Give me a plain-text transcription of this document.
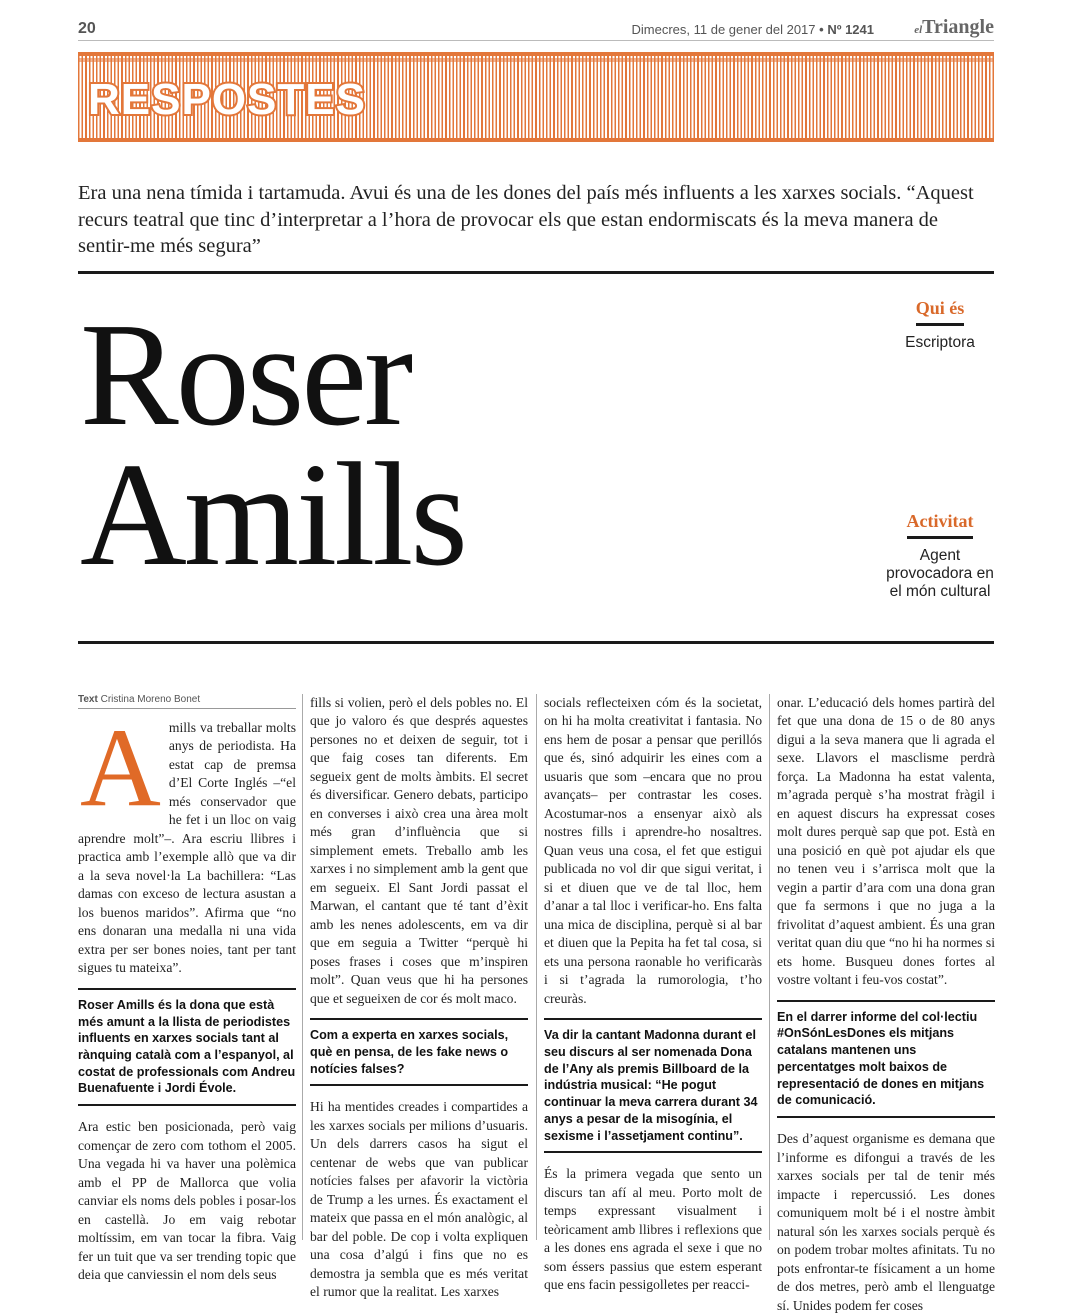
20	Dimecres, 11 de gener del 2017 • Nº 1241	elTriangle
RESPOSTES
Era una nena tímida i tartamuda. Avui és una de les dones del país més influents a les xarxes socials. “Aquest recurs teatral que tinc d’interpretar a l’hora de provocar els que estan endormiscats és la meva manera de sentir-me més segura”
Roser
Amills
Qui és
Escriptora
Activitat
Agent provocadora en el món cultural
Text Cristina Moreno Bonet

Amills va treballar molts anys de periodista. Ha estat cap de premsa d’El Corte Inglés –“el més conservador que he fet i un lloc on vaig aprendre molt”–. Ara escriu llibres i practica amb l’exemple allò que va dir a la seva novel·la La bachillera: “Las damas con exceso de lectura asustan a los buenos maridos”. Afirma que “no ens donaran una medalla ni una vida extra per ser bones noies, tant per tant sigues tu mateixa”.

Roser Amills és la dona que està més amunt a la llista de periodistes influents en xarxes socials tant al rànquing català com a l’espanyol, al costat de professionals com Andreu Buenafuente i Jordi Évole.

Ara estic ben posicionada, però vaig començar de zero com tothom el 2005. Una vegada hi va haver una polèmica amb el PP de Mallorca que volia canviar els noms dels pobles i posar-los en castellà. Jo em vaig rebotar moltíssim, em van tocar la fibra. Vaig fer un tuit que va ser trending topic que deia que canviessin el nom dels seus

fills si volien, però el dels pobles no. El que jo valoro és que després aquestes persones no et deixen de seguir, tot i que faig coses tan diferents. Em segueix gent de molts àmbits. El secret és diversificar. Genero debats, participo en converses i això crea una àrea molt més gran d’influència que si simplement emets. Treballo amb les xarxes i no simplement amb la gent que em segueix. El Sant Jordi passat el Marwan, el cantant que té tant d’èxit amb les nenes adolescents, em va dir que em seguia a Twitter “perquè hi poses frases i coses que m’inspiren molt”. Quan veus que hi ha persones que et segueixen de cor és molt maco.

Com a experta en xarxes socials, què en pensa, de les fake news o notícies falses?

Hi ha mentides creades i compartides a les xarxes socials per milions d’usuaris. Un dels darrers casos ha sigut el centenar de webs que van publicar notícies falses per afavorir la victòria de Trump a les urnes. És exactament el mateix que passa en el món analògic, al bar del poble. De cop i volta expliquen una cosa d’algú i fins que no es demostra ja sembla que es més veritat el rumor que la realitat. Les xarxes

socials reflecteixen cóm és la societat, on hi ha molta creativitat i fantasia. No ens hem de posar a pensar que perillós que és, sinó adquirir les eines com a usuaris que som –encara que no prou avançats– per contrastar les coses. Acostumar-nos a ensenyar això als nostres fills i aprendre-ho nosaltres. Quan veus una cosa, el fet que estigui publicada no vol dir que sigui veritat, i si et diuen que ve de tal lloc, hem d’anar a tal lloc i verificar-ho. Ens falta una mica de disciplina, perquè si al bar et diuen que la Pepita ha fet tal cosa, si ets una persona raonable ho verificaràs i si t’agrada la rumorologia, t’ho creuràs.

Va dir la cantant Madonna durant el seu discurs al ser nomenada Dona de l’Any als premis Billboard de la indústria musical: “He pogut continuar la meva carrera durant 34 anys a pesar de la misogínia, el sexisme i l’assetjament continu”.

És la primera vegada que sento un discurs tan afí al meu. Porto molt de temps expressant visualment i teòricament amb llibres i reflexions que a les dones ens agrada el sexe i que no som éssers passius que estem esperant que ens facin pessigolletes per reacci-

onar. L’educació dels homes partirà del fet que una dona de 15 o de 80 anys digui a la seva manera que li agrada el sexe. Llavors el masclisme perdrà força. La Madonna ha estat valenta, m’agrada perquè s’ha mostrat fràgil i en aquest discurs ha expressat coses molt dures perquè sap que pot. Està en una posició en què pot ajudar els que no tenen veu i s’arrisca molt que la vegin a partir d’ara com una dona gran que fa sermons i que no juga a la frivolitat d’aquest ambient. És una gran veritat quan diu que “no hi ha normes si ets home. Busqueu dones fortes al vostre voltant i feu-vos costat”.

En el darrer informe del col·lectiu #OnSónLesDones els mitjans catalans mantenen uns percentatges molt baixos de representació de dones en mitjans de comunicació.

Des d’aquest organisme es demana que l’informe es difongui a través de les xarxes socials per tal de tenir més impacte i repercussió. Les dones comuniquem molt bé i el nostre àmbit natural són les xarxes socials perquè és on podem trobar moltes afinitats. Tu no pots enfrontar-te físicament a un home de dos metres, però amb el llenguatge sí. Unides podem fer coses
